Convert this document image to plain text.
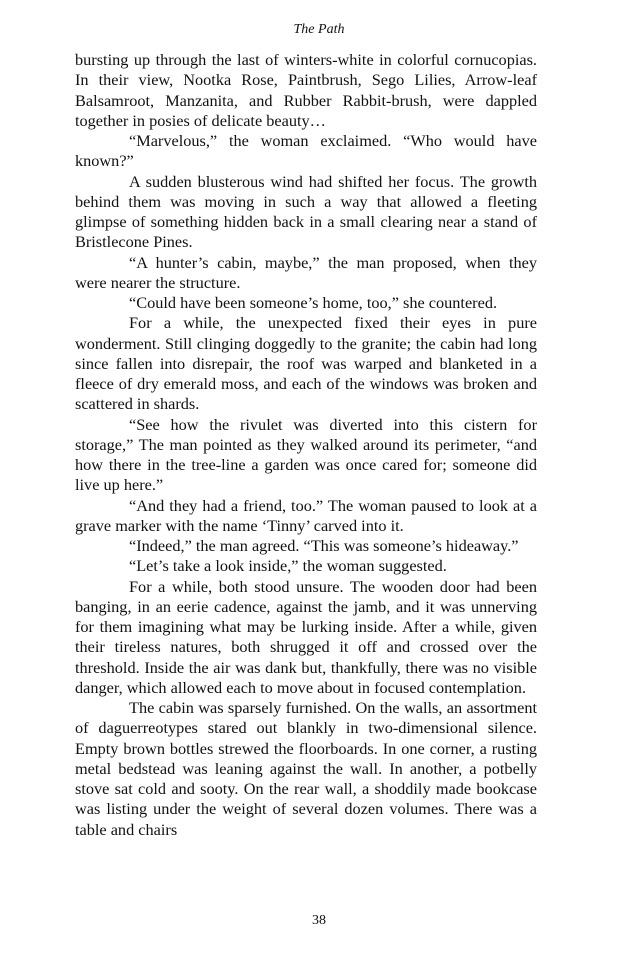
The Path

bursting up through the last of winters-white in colorful cornucopias. In their view, Nootka Rose, Paintbrush, Sego Lilies, Arrow-leaf Balsamroot, Manzanita, and Rubber Rabbit-brush, were dappled together in posies of delicate beauty…

“Marvelous,” the woman exclaimed. “Who would have known?”

A sudden blusterous wind had shifted her focus. The growth behind them was moving in such a way that allowed a fleeting glimpse of something hidden back in a small clearing near a stand of Bristlecone Pines.

“A hunter’s cabin, maybe,” the man proposed, when they were nearer the structure.

“Could have been someone’s home, too,” she countered.

For a while, the unexpected fixed their eyes in pure wonderment. Still clinging doggedly to the granite; the cabin had long since fallen into disrepair, the roof was warped and blanketed in a fleece of dry emerald moss, and each of the windows was broken and scattered in shards.

“See how the rivulet was diverted into this cistern for storage,” The man pointed as they walked around its perimeter, “and how there in the tree-line a garden was once cared for; someone did live up here.”

“And they had a friend, too.” The woman paused to look at a grave marker with the name ‘Tinny’ carved into it.

“Indeed,” the man agreed. “This was someone’s hideaway.”

“Let’s take a look inside,” the woman suggested.

For a while, both stood unsure. The wooden door had been banging, in an eerie cadence, against the jamb, and it was unnerving for them imagining what may be lurking inside. After a while, given their tireless natures, both shrugged it off and crossed over the threshold. Inside the air was dank but, thankfully, there was no visible danger, which allowed each to move about in focused contemplation.

The cabin was sparsely furnished. On the walls, an assortment of daguerreotypes stared out blankly in two-dimensional silence. Empty brown bottles strewed the floorboards. In one corner, a rusting metal bedstead was leaning against the wall. In another, a potbelly stove sat cold and sooty. On the rear wall, a shoddily made bookcase was listing under the weight of several dozen volumes. There was a table and chairs

38
